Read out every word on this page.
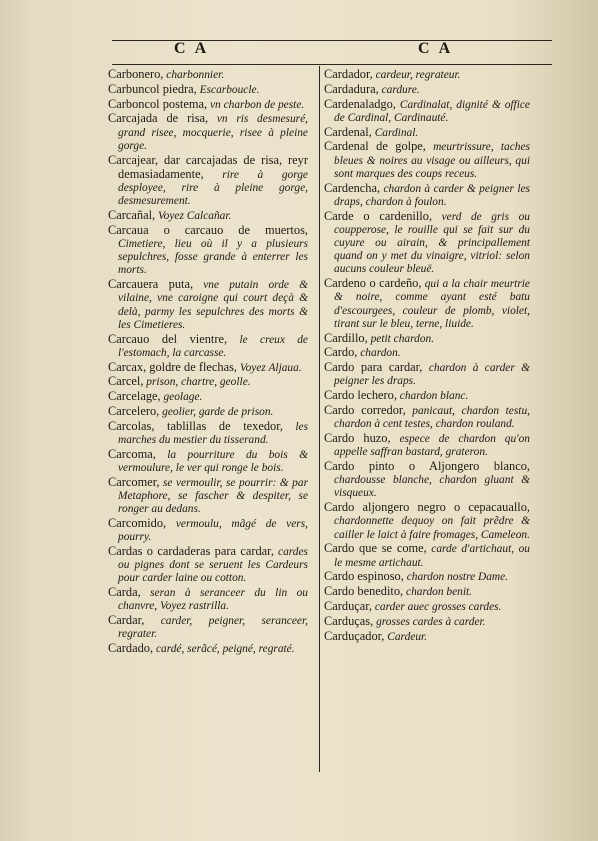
C A	C A
Carbonero, charbonnier.
Carbuncol piedra, Escarboucle.
Carboncol postema, vn charbon de peste.
Carcajada de risa, vn ris desmesuré, grand risee, mocquerie, risee à pleine gorge.
Carcajear, dar carcajadas de risa, reyr demasiadamente, rire à gorge desployee, rire à pleine gorge, desmesurement.
Carcañal, Voyez Calcañar.
Carcaua o carcauo de muertos, Cimetiere, lieu où il y a plusieurs sepulchres, fosse grande à enterrer les morts.
Carcauera puta, vne putain orde & vilaine, vne caroigne qui court deçà & delà, parmy les sepulchres des morts & les Cimetieres.
Carcauo del vientre, le creux de l'estomach, la carcasse.
Carcax, goldre de flechas, Voyez Aljaua.
Carcel, prison, chartre, geolle.
Carcelage, geolage.
Carcelero, geolier, garde de prison.
Carcolas, tablillas de texedor, les marches du mestier du tisserand.
Carcoma, la pourriture du bois & vermoulure, le ver qui ronge le bois.
Carcomer, se vermoulir, se pourrir: & par Metaphore, se fascher & despiter, se ronger au dedans.
Carcomido, vermoulu, mãgé de vers, pourry.
Cardas o cardaderas para cardar, cardes ou pignes dont se seruent les Cardeurs pour carder laine ou cotton.
Carda, seran à seranceer du lin ou chanvre, Voyez rastrilla.
Cardar, carder, peigner, seranceer, regrater.
Cardado, cardé, serãcé, peigné, regraté.
Cardador, cardeur, regrateur.
Cardadura, cardure.
Cardenaladgo, Cardinalat, dignité & office de Cardinal, Cardinauté.
Cardenal, Cardinal.
Cardenal de golpe, meurtrissure, taches bleues & noires au visage ou ailleurs, qui sont marques des coups receus.
Cardencha, chardon à carder & peigner les draps, chardon à foulon.
Carde o cardenillo, verd de gris ou coupperose, le rouille qui se fait sur du cuyure ou airain, & principallement quand on y met du vinaigre, vitriol: selon aucuns couleur bleuë.
Cardeno o cardeño, qui a la chair meurtrie & noire, comme ayant esté batu d'escourgees, couleur de plomb, violet, tirant sur le bleu, terne, liuide.
Cardillo, petit chardon.
Cardo, chardon.
Cardo para cardar, chardon à carder & peigner les draps.
Cardo lechero, chardon blanc.
Cardo corredor, panicaut, chardon testu, chardon à cent testes, chardon rouland.
Cardo huzo, espece de chardon qu'on appelle saffran bastard, grateron.
Cardo pinto o Aljongero blanco, chardousse blanche, chardon gluant & visqueux.
Cardo aljongero negro o cepacauallo, chardonnette dequoy on fait prẽdre & cailler le laict à faire fromages, Cameleon.
Cardo que se come, carde d'artichaut, ou le mesme artichaut.
Cardo espinoso, chardon nostre Dame.
Cardo benedito, chardon benit.
Carduçar, carder auec grosses cardes.
Carduças, grosses cardes à carder.
Carduçador, Cardeur.
